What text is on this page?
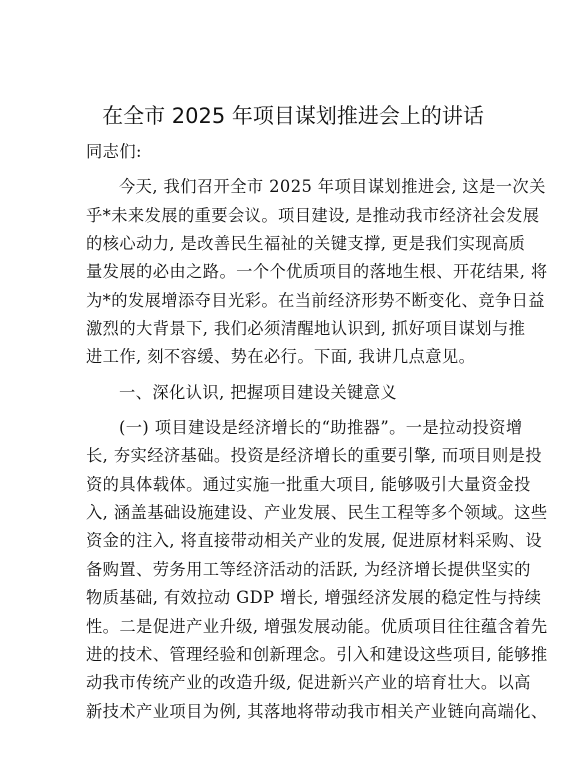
在全市 2025 年项目谋划推进会上的讲话
同志们:
今天, 我们召开全市 2025 年项目谋划推进会, 这是一次关
乎*未来发展的重要会议。项目建设, 是推动我市经济社会发展
的核心动力, 是改善民生福祉的关键支撑, 更是我们实现高质
量发展的必由之路。一个个优质项目的落地生根、开花结果, 将
为*的发展增添夺目光彩。在当前经济形势不断变化、竞争日益
激烈的大背景下, 我们必须清醒地认识到, 抓好项目谋划与推
进工作, 刻不容缓、势在必行。下面, 我讲几点意见。
一、深化认识, 把握项目建设关键意义
(一) 项目建设是经济增长的“助推器”。一是拉动投资增
长, 夯实经济基础。投资是经济增长的重要引擎, 而项目则是投
资的具体载体。通过实施一批重大项目, 能够吸引大量资金投
入, 涵盖基础设施建设、产业发展、民生工程等多个领域。这些
资金的注入, 将直接带动相关产业的发展, 促进原材料采购、设
备购置、劳务用工等经济活动的活跃, 为经济增长提供坚实的
物质基础, 有效拉动 GDP 增长, 增强经济发展的稳定性与持续
性。二是促进产业升级, 增强发展动能。优质项目往往蕴含着先
进的技术、管理经验和创新理念。引入和建设这些项目, 能够推
动我市传统产业的改造升级, 促进新兴产业的培育壮大。以高
新技术产业项目为例, 其落地将带动我市相关产业链向高端化、
